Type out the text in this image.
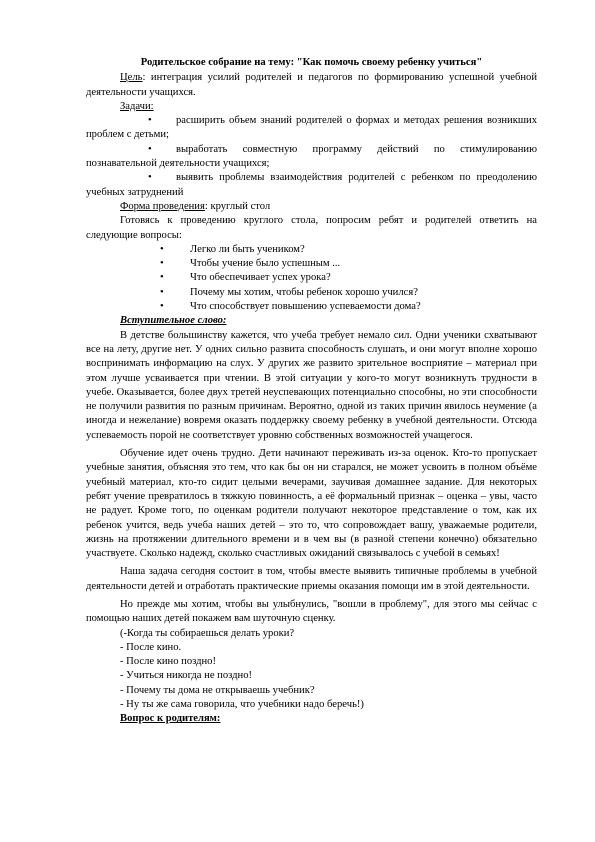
Родительское собрание на тему: "Как помочь своему ребенку учиться"

Цель: интеграция усилий родителей и педагогов по формированию успешной учебной деятельности учащихся.

Задачи:

•	расширить объем знаний родителей о формах и методах решения возникших проблем с детьми;
•	выработать совместную программу действий по стимулированию познавательной деятельности учащихся;
•	выявить проблемы взаимодействия родителей с ребенком по преодолению учебных затруднений

Форма проведения: круглый стол

Готовясь к проведению круглого стола, попросим ребят и родителей ответить на следующие вопросы:

• Легко ли быть учеником?
• Чтобы учение было успешным ...
• Что обеспечивает успех урока?
• Почему мы хотим, чтобы ребенок хорошо учился?
• Что способствует повышению успеваемости дома?

Вступительное слово:

В детстве большинству кажется, что учеба требует немало сил. Одни ученики схватывают все на лету, другие нет. У одних сильно развита способность слушать, и они могут вполне хорошо воспринимать информацию на слух. У других же развито зрительное восприятие – материал при этом лучше усваивается при чтении. В этой ситуации у кого-то могут возникнуть трудности в учебе. Оказывается, более двух третей неуспевающих потенциально способны, но эти способности не получили развития по разным причинам. Вероятно, одной из таких причин явилось неумение (а иногда и нежелание) вовремя оказать поддержку своему ребенку в учебной деятельности. Отсюда успеваемость порой не соответствует уровню собственных возможностей учащегося.

Обучение идет очень трудно. Дети начинают переживать из-за оценок. Кто-то пропускает учебные занятия, объясняя это тем, что как бы он ни старался, не может усвоить в полном объёме учебный материал, кто-то сидит целыми вечерами, заучивая домашнее задание. Для некоторых ребят учение превратилось в тяжкую повинность, а её формальный признак – оценка – увы, часто не радует. Кроме того, по оценкам родители получают некоторое представление о том, как их ребенок учится, ведь учеба наших детей – это то, что сопровождает вашу, уважаемые родители, жизнь на протяжении длительного времени и в чем вы (в разной степени конечно) обязательно участвуете. Сколько надежд, сколько счастливых ожиданий связывалось с учебой в семьях!

Наша задача сегодня состоит в том, чтобы вместе выявить типичные проблемы в учебной деятельности детей и отработать практические приемы оказания помощи им в этой деятельности.

Но прежде мы хотим, чтобы вы улыбнулись, "вошли в проблему", для этого мы сейчас с помощью наших детей покажем вам шуточную сценку.

(-Когда ты собираешься делать уроки?

- После кино.

- После кино поздно!

- Учиться никогда не поздно!

- Почему ты дома не открываешь учебник?

- Ну ты же сама говорила, что учебники надо беречь!)

Вопрос к родителям:
